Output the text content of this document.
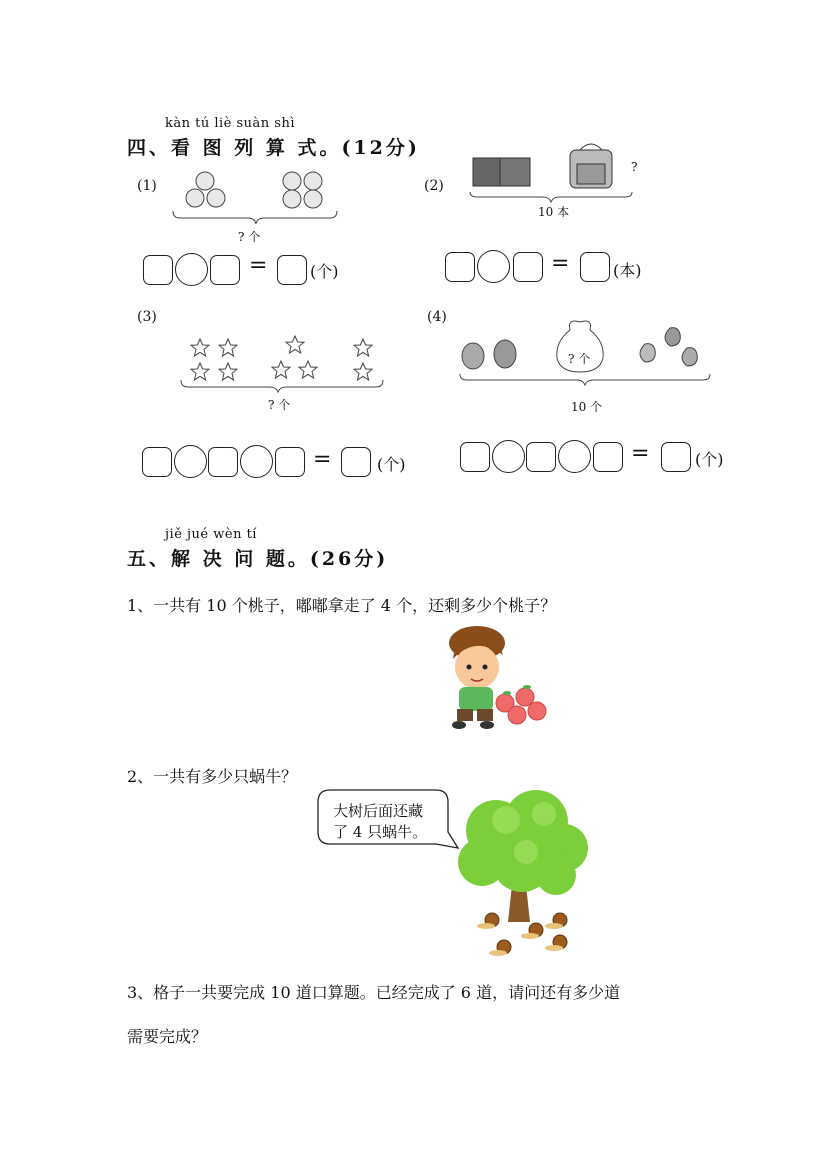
kàn tú liè suàn shì
四、看 图 列 算 式。(12分)
(1)
? 个
=	(个)
(2)
?
10 本
=	(本)
(3)
? 个
=	(个)
(4)
? 个
10 个
=	(个)
jiě jué wèn tí
五、解 决 问 题。(26分)
1、一共有 10 个桃子，嘟嘟拿走了 4 个，还剩多少个桃子？
2、一共有多少只蜗牛？
大树后面还藏
了 4 只蜗牛。
3、格子一共要完成 10 道口算题。已经完成了 6 道，请问还有多少道
需要完成？
